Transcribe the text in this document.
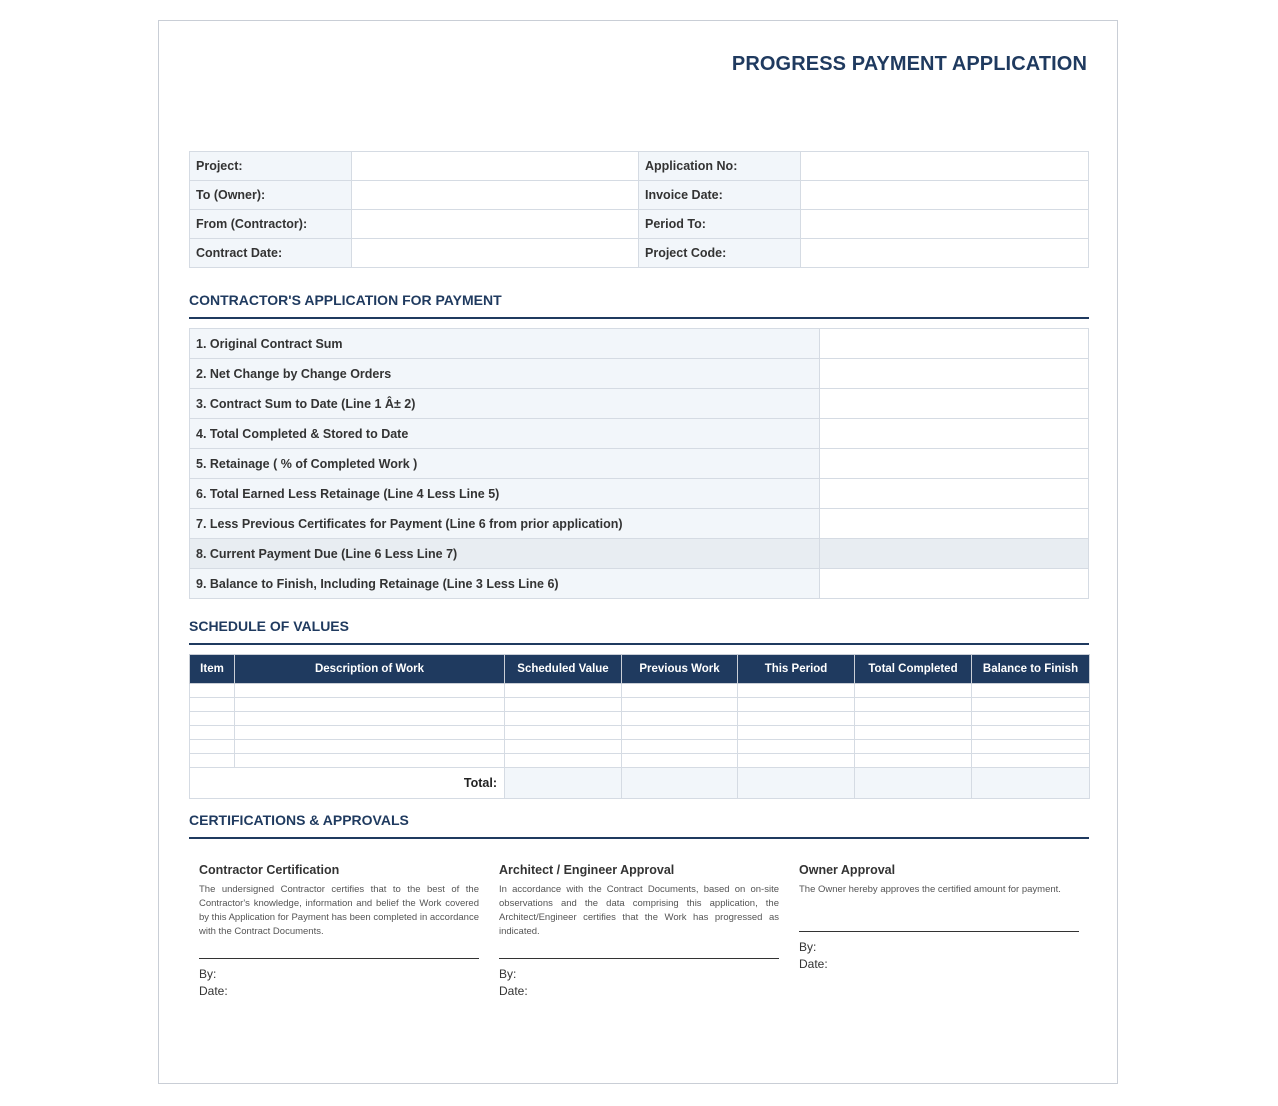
PROGRESS PAYMENT APPLICATION
Project:		Application No:	
To (Owner):		Invoice Date:	
From (Contractor):		Period To:	
Contract Date:		Project Code:	
CONTRACTOR'S APPLICATION FOR PAYMENT
1. Original Contract Sum	
2. Net Change by Change Orders	
3. Contract Sum to Date (Line 1 Â± 2)	
4. Total Completed & Stored to Date	
5. Retainage ( % of Completed Work )	
6. Total Earned Less Retainage (Line 4 Less Line 5)	
7. Less Previous Certificates for Payment (Line 6 from prior application)	
8. Current Payment Due (Line 6 Less Line 7)	
9. Balance to Finish, Including Retainage (Line 3 Less Line 6)	
SCHEDULE OF VALUES
Item	Description of Work	Scheduled Value	Previous Work	This Period	Total Completed	Balance to Finish

Total:						
CERTIFICATIONS & APPROVALS
Contractor Certification

The undersigned Contractor certifies that to the best of the Contractor's knowledge, information and belief the Work covered by this Application for Payment has been completed in accordance with the Contract Documents.

By:
Date:
Architect / Engineer Approval

In accordance with the Contract Documents, based on on-site observations and the data comprising this application, the Architect/Engineer certifies that the Work has progressed as indicated.

By:
Date:
Owner Approval

The Owner hereby approves the certified amount for payment.

By:
Date:
